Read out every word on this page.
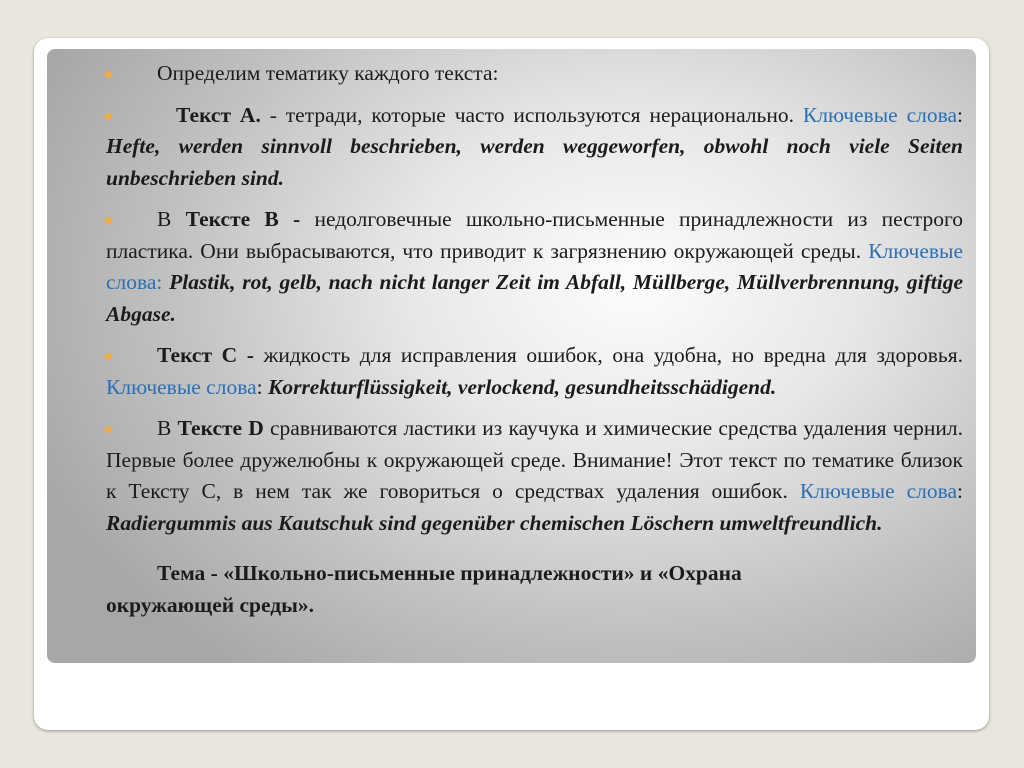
Определим тематику каждого текста:
Текст А. - тетради, которые часто используются нерационально. Ключевые слова: Hefte, werden sinnvoll beschrieben, werden weggeworfen, obwohl noch viele Seiten unbeschrieben sind.
В Тексте В - недолговечные школьно-письменные принадлежности из пестрого пластика. Они выбрасываются, что приводит к загрязнению окружающей среды. Ключевые слова: Plastik, rot, gelb, nach nicht langer Zeit im Abfall, Müllberge, Müllverbrennung, giftige Abgase.
Текст С - жидкость для исправления ошибок, она удобна, но вредна для здоровья. Ключевые слова: Korrekturflüssigkeit, verlockend, gesundheitsschädigend.
В Тексте D сравниваются ластики из каучука и химические средства удаления чернил. Первые более дружелюбны к окружающей среде. Внимание! Этот текст по тематике близок к Тексту С, в нем так же говориться о средствах удаления ошибок. Ключевые слова: Radiergummis aus Kautschuk sind gegenüber chemischen Löschern umweltfreundlich.
Тема - «Школьно-письменные принадлежности» и «Охрана окружающей среды».
